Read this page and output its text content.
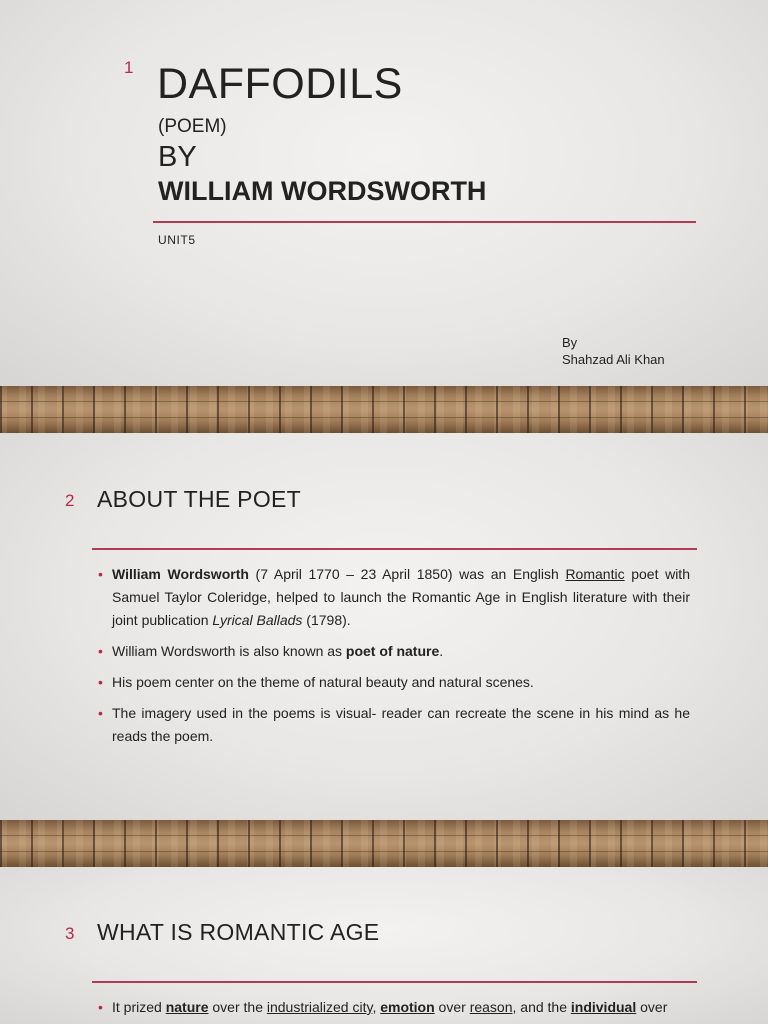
1 DAFFODILS
(POEM)
BY
WILLIAM WORDSWORTH
UNIT5
By
Shahzad Ali Khan
2 ABOUT THE POET
• William Wordsworth (7 April 1770 – 23 April 1850) was an English Romantic poet with Samuel Taylor Coleridge, helped to launch the Romantic Age in English literature with their joint publication Lyrical Ballads (1798).
• William Wordsworth is also known as poet of nature.
• His poem center on the theme of natural beauty and natural scenes.
• The imagery used in the poems is visual- reader can recreate the scene in his mind as he reads the poem.
3 WHAT IS ROMANTIC AGE
• It prized nature over the industrialized city, emotion over reason, and the individual over
